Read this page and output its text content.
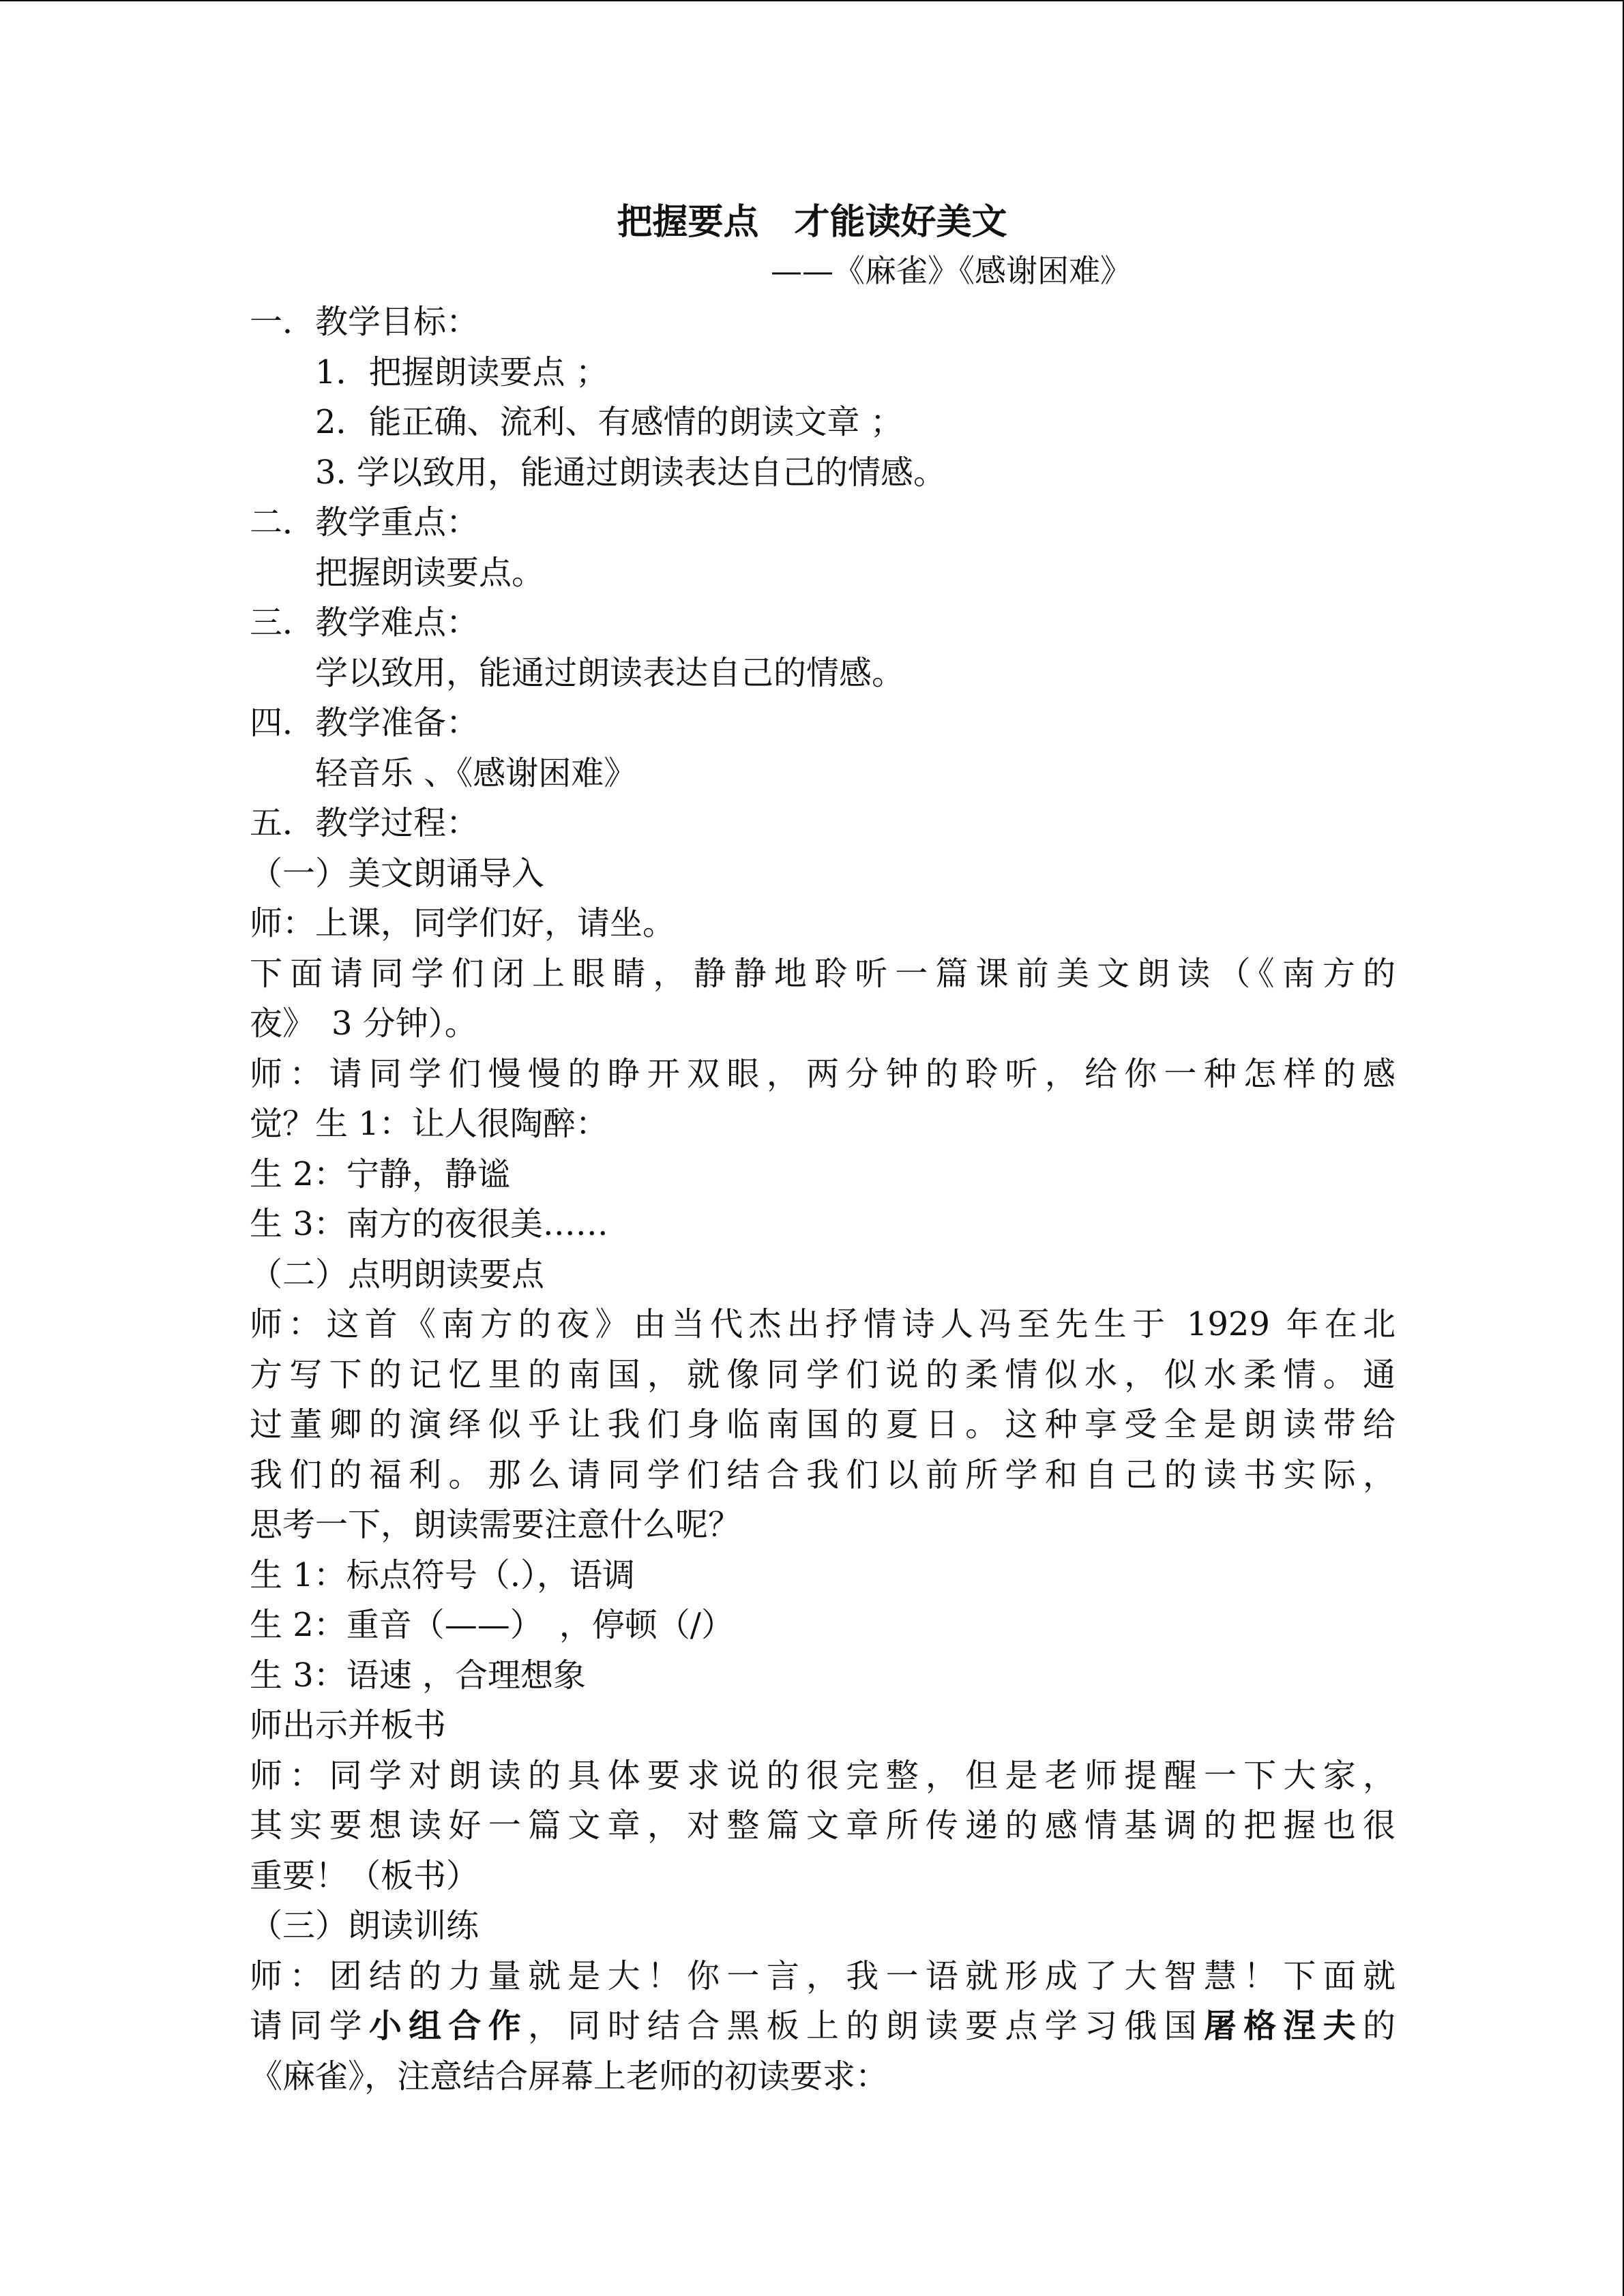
把握要点　才能读好美文
——《麻雀》《感谢困难》
一．教学目标：
1．把握朗读要点 ；
2．能正确、流利、有感情的朗读文章 ；
3. 学以致用，能通过朗读表达自己的情感。
二．教学重点：
把握朗读要点。
三．教学难点：
学以致用，能通过朗读表达自己的情感。
四．教学准备：
轻音乐 、《感谢困难》
五．教学过程：
（一）美文朗诵导入
师：上课，同学们好，请坐。
下面请同学们闭上眼睛，静静地聆听一篇课前美文朗读（《南方的
夜》　3 分钟）。
师：请同学们慢慢的睁开双眼，两分钟的聆听，给你一种怎样的感
觉？生 1：让人很陶醉：
生 2：宁静，静谧
生 3：南方的夜很美……
（二）点明朗读要点
师：这首《南方的夜》由当代杰出抒情诗人冯至先生于 1929 年在北
方写下的记忆里的南国，就像同学们说的柔情似水，似水柔情。通
过董卿的演绎似乎让我们身临南国的夏日。这种享受全是朗读带给
我们的福利。那么请同学们结合我们以前所学和自己的读书实际，
思考一下，朗读需要注意什么呢？
生 1：标点符号（.），语调
生 2：重音（——）　，停顿（/）
生 3：语速 ，合理想象
师出示并板书
师：同学对朗读的具体要求说的很完整，但是老师提醒一下大家，
其实要想读好一篇文章，对整篇文章所传递的感情基调的把握也很
重要！（板书）
（三）朗读训练
师：团结的力量就是大！你一言，我一语就形成了大智慧！下面就
请同学小组合作，同时结合黑板上的朗读要点学习俄国屠格涅夫的
《麻雀》，注意结合屏幕上老师的初读要求：
